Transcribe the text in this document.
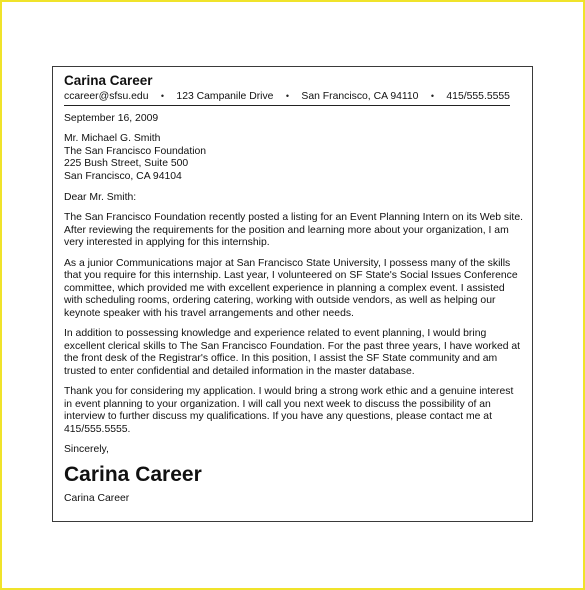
Carina Career
ccareer@sfsu.edu • 123 Campanile Drive • San Francisco, CA 94110 • 415/555.5555
September 16, 2009
Mr. Michael G. Smith
The San Francisco Foundation
225 Bush Street, Suite 500
San Francisco, CA 94104
Dear Mr. Smith:

The San Francisco Foundation recently posted a listing for an Event Planning Intern on its Web site. After reviewing the requirements for the position and learning more about your organization, I am very interested in applying for this internship.

As a junior Communications major at San Francisco State University, I possess many of the skills that you require for this internship. Last year, I volunteered on SF State's Social Issues Conference committee, which provided me with excellent experience in planning a complex event. I assisted with scheduling rooms, ordering catering, working with outside vendors, as well as helping our keynote speaker with his travel arrangements and other needs.

In addition to possessing knowledge and experience related to event planning, I would bring excellent clerical skills to The San Francisco Foundation. For the past three years, I have worked at the front desk of the Registrar's office. In this position, I assist the SF State community and am trusted to enter confidential and detailed information in the master database.

Thank you for considering my application. I would bring a strong work ethic and a genuine interest in event planning to your organization. I will call you next week to discuss the possibility of an interview to further discuss my qualifications. If you have any questions, please contact me at 415/555.5555.

Sincerely,
Carina Career
Carina Career
